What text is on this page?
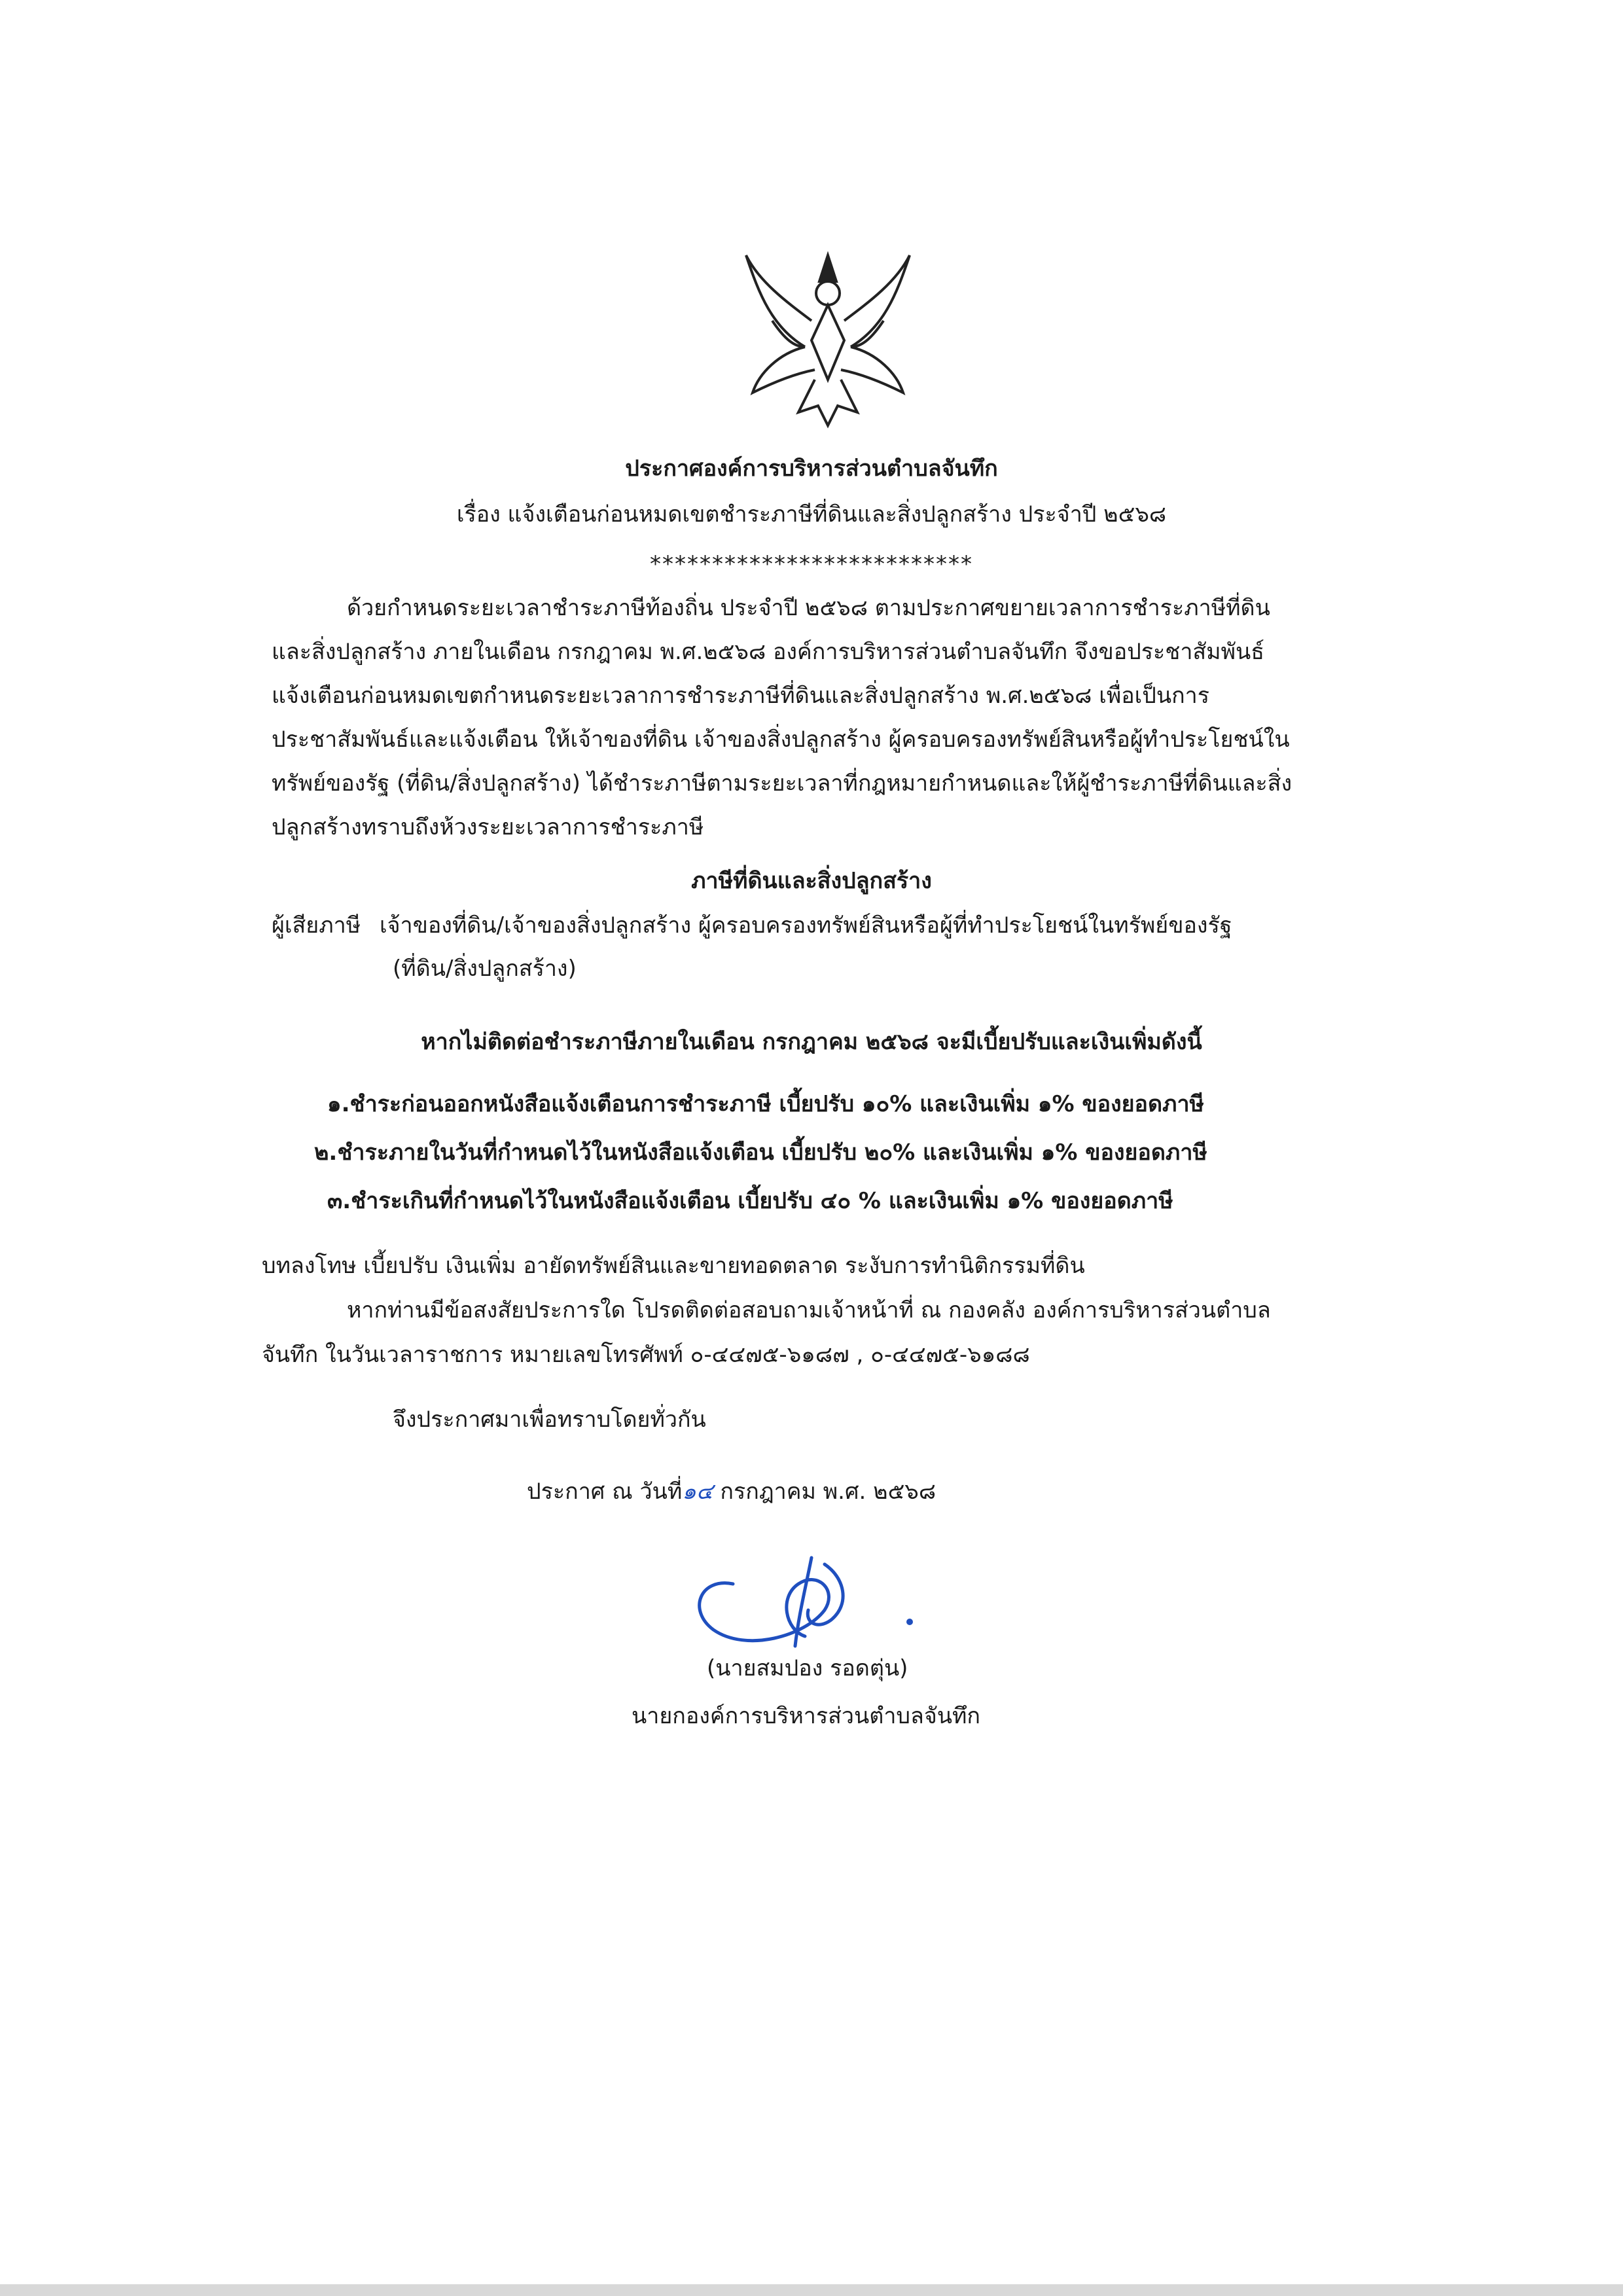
ประกาศองค์การบริหารส่วนตำบลจันทึก
เรื่อง แจ้งเตือนก่อนหมดเขตชำระภาษีที่ดินและสิ่งปลูกสร้าง ประจำปี ๒๕๖๘
**************************
ด้วยกำหนดระยะเวลาชำระภาษีท้องถิ่น ประจำปี ๒๕๖๘ ตามประกาศขยายเวลาการชำระภาษีที่ดิน
และสิ่งปลูกสร้าง ภายในเดือน กรกฎาคม พ.ศ.๒๕๖๘ องค์การบริหารส่วนตำบลจันทึก จึงขอประชาสัมพันธ์
แจ้งเตือนก่อนหมดเขตกำหนดระยะเวลาการชำระภาษีที่ดินและสิ่งปลูกสร้าง พ.ศ.๒๕๖๘ เพื่อเป็นการ
ประชาสัมพันธ์และแจ้งเตือน ให้เจ้าของที่ดิน เจ้าของสิ่งปลูกสร้าง ผู้ครอบครองทรัพย์สินหรือผู้ทำประโยชน์ใน
ทรัพย์ของรัฐ (ที่ดิน/สิ่งปลูกสร้าง) ได้ชำระภาษีตามระยะเวลาที่กฎหมายกำหนดและให้ผู้ชำระภาษีที่ดินและสิ่ง
ปลูกสร้างทราบถึงห้วงระยะเวลาการชำระภาษี
ภาษีที่ดินและสิ่งปลูกสร้าง
ผู้เสียภาษี เจ้าของที่ดิน/เจ้าของสิ่งปลูกสร้าง ผู้ครอบครองทรัพย์สินหรือผู้ที่ทำประโยชน์ในทรัพย์ของรัฐ
(ที่ดิน/สิ่งปลูกสร้าง)
หากไม่ติดต่อชำระภาษีภายในเดือน กรกฎาคม ๒๕๖๘ จะมีเบี้ยปรับและเงินเพิ่มดังนี้
๑.ชำระก่อนออกหนังสือแจ้งเตือนการชำระภาษี เบี้ยปรับ ๑๐% และเงินเพิ่ม ๑% ของยอดภาษี
๒.ชำระภายในวันที่กำหนดไว้ในหนังสือแจ้งเตือน เบี้ยปรับ ๒๐% และเงินเพิ่ม ๑% ของยอดภาษี
๓.ชำระเกินที่กำหนดไว้ในหนังสือแจ้งเตือน เบี้ยปรับ ๔๐ % และเงินเพิ่ม ๑% ของยอดภาษี
บทลงโทษ เบี้ยปรับ เงินเพิ่ม อายัดทรัพย์สินและขายทอดตลาด ระงับการทำนิติกรรมที่ดิน
หากท่านมีข้อสงสัยประการใด โปรดติดต่อสอบถามเจ้าหน้าที่ ณ กองคลัง องค์การบริหารส่วนตำบล
จันทึก ในวันเวลาราชการ หมายเลขโทรศัพท์ ๐-๔๔๗๕-๖๑๘๗ , ๐-๔๔๗๕-๖๑๘๘
จึงประกาศมาเพื่อทราบโดยทั่วกัน
ประกาศ ณ วันที่๑๔ กรกฎาคม พ.ศ. ๒๕๖๘
(นายสมปอง รอดตุ่น)
นายกองค์การบริหารส่วนตำบลจันทึก
